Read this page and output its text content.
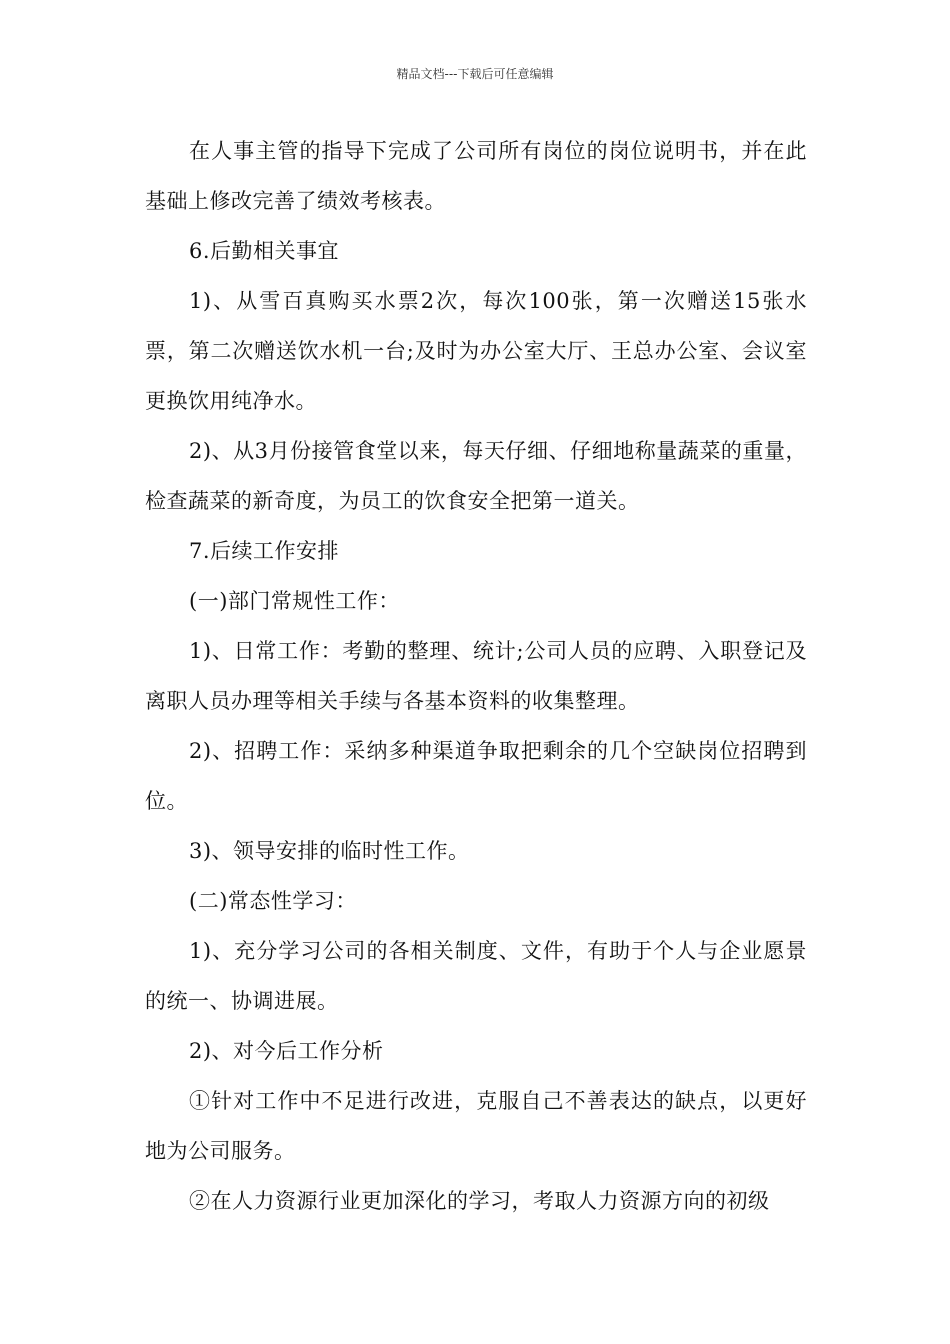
精品文档---下载后可任意编辑

在人事主管的指导下完成了公司所有岗位的岗位说明书，并在此基础上修改完善了绩效考核表。

6.后勤相关事宜

1)、从雪百真购买水票2次，每次100张，第一次赠送15张水票，第二次赠送饮水机一台;及时为办公室大厅、王总办公室、会议室更换饮用纯净水。

2)、从3月份接管食堂以来，每天仔细、仔细地称量蔬菜的重量，检查蔬菜的新奇度，为员工的饮食安全把第一道关。

7.后续工作安排

(一)部门常规性工作：

1)、日常工作：考勤的整理、统计;公司人员的应聘、入职登记及离职人员办理等相关手续与各基本资料的收集整理。

2)、招聘工作：采纳多种渠道争取把剩余的几个空缺岗位招聘到位。

3)、领导安排的临时性工作。

(二)常态性学习：

1)、充分学习公司的各相关制度、文件，有助于个人与企业愿景的统一、协调进展。

2)、对今后工作分析

①针对工作中不足进行改进，克服自己不善表达的缺点，以更好地为公司服务。

②在人力资源行业更加深化的学习，考取人力资源方向的初级
